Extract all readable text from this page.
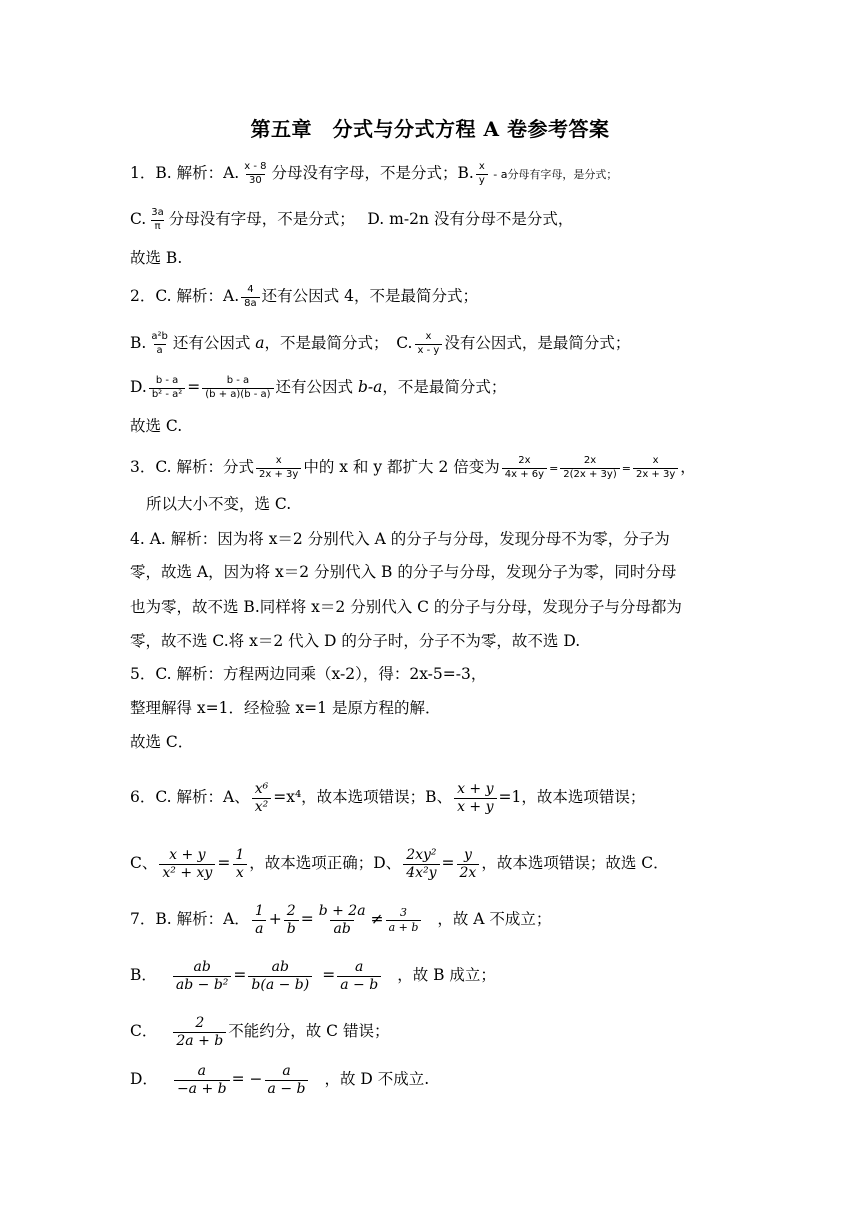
第五章　分式与分式方程 A 卷参考答案
1．B. 解析：A. $\frac{x - 8}{30}$ 分母没有字母，不是分式；B. $\frac{x}{y}$ - a分母有字母，是分式；
C. $\frac{3a}{\pi}$ 分母没有字母，不是分式；　 D. m-2n 没有分母不是分式，
故选 B.
2．C. 解析：A. $\frac{4}{8a}$ 还有公因式 4，不是最简分式；
B. $\frac{\text{a²b}}{a}$ 还有公因式 a，不是最简分式；　C. $\frac{x}{x - y}$ 没有公因式，是最简分式；
D. $\frac{b - a}{\text{b² - a²}} = \frac{b - a}{(b + a)(b - a)}$ 还有公因式 b-a，不是最简分式；
故选 C.
3．C. 解析：分式 $\frac{x}{2x + 3y}$ 中的 x 和 y 都扩大 2 倍变为 $\frac{2x}{4x + 6y} = \frac{2x}{2(2x + 3y)} = \frac{x}{2x + 3y}$ ，
所以大小不变，选 C.
4. A. 解析：因为将 x＝2 分别代入 A 的分子与分母，发现分母不为零，分子为
零，故选 A，因为将 x＝2 分别代入 B 的分子与分母，发现分子为零，同时分母
也为零，故不选 B.同样将 x＝2 分别代入 C 的分子与分母，发现分子与分母都为
零，故不选 C.将 x＝2 代入 D 的分子时，分子不为零，故不选 D.
5．C. 解析：方程两边同乘（x-2），得：2x-5=-3，
整理解得 x=1．经检验 x=1 是原方程的解．
故选 C．
6．C. 解析：A、 $\frac{\text{x⁶}}{\text{x²}} =x^4$，故本选项错误；B、 $\frac{x + y}{x + y} =1$，故本选项错误；
C、 $\frac{x + y}{\text{x² + xy}} = \frac{1}{x}$ ，故本选项正确；D、 $\frac{\text{2xy²}}{\text{4x²y}} = \frac{y}{2x}$ ，故本选项错误；故选 C．
7．B. 解析：A． $\frac{1}{a} + \frac{2}{b} = \frac{b + 2a}{ab} \ne \frac{3}{a + b}$ ，故 A 不成立；
B． $\frac{ab}{\text{ab − b²}} = \frac{ab}{b(a - b)} = \frac{a}{a - b}$ ，故 B 成立；
C． $\frac{2}{2a + b}$ 不能约分，故 C 错误；
D． $\frac{a}{-a + b}$ = − $\frac{a}{a - b}$ ，故 D 不成立.
